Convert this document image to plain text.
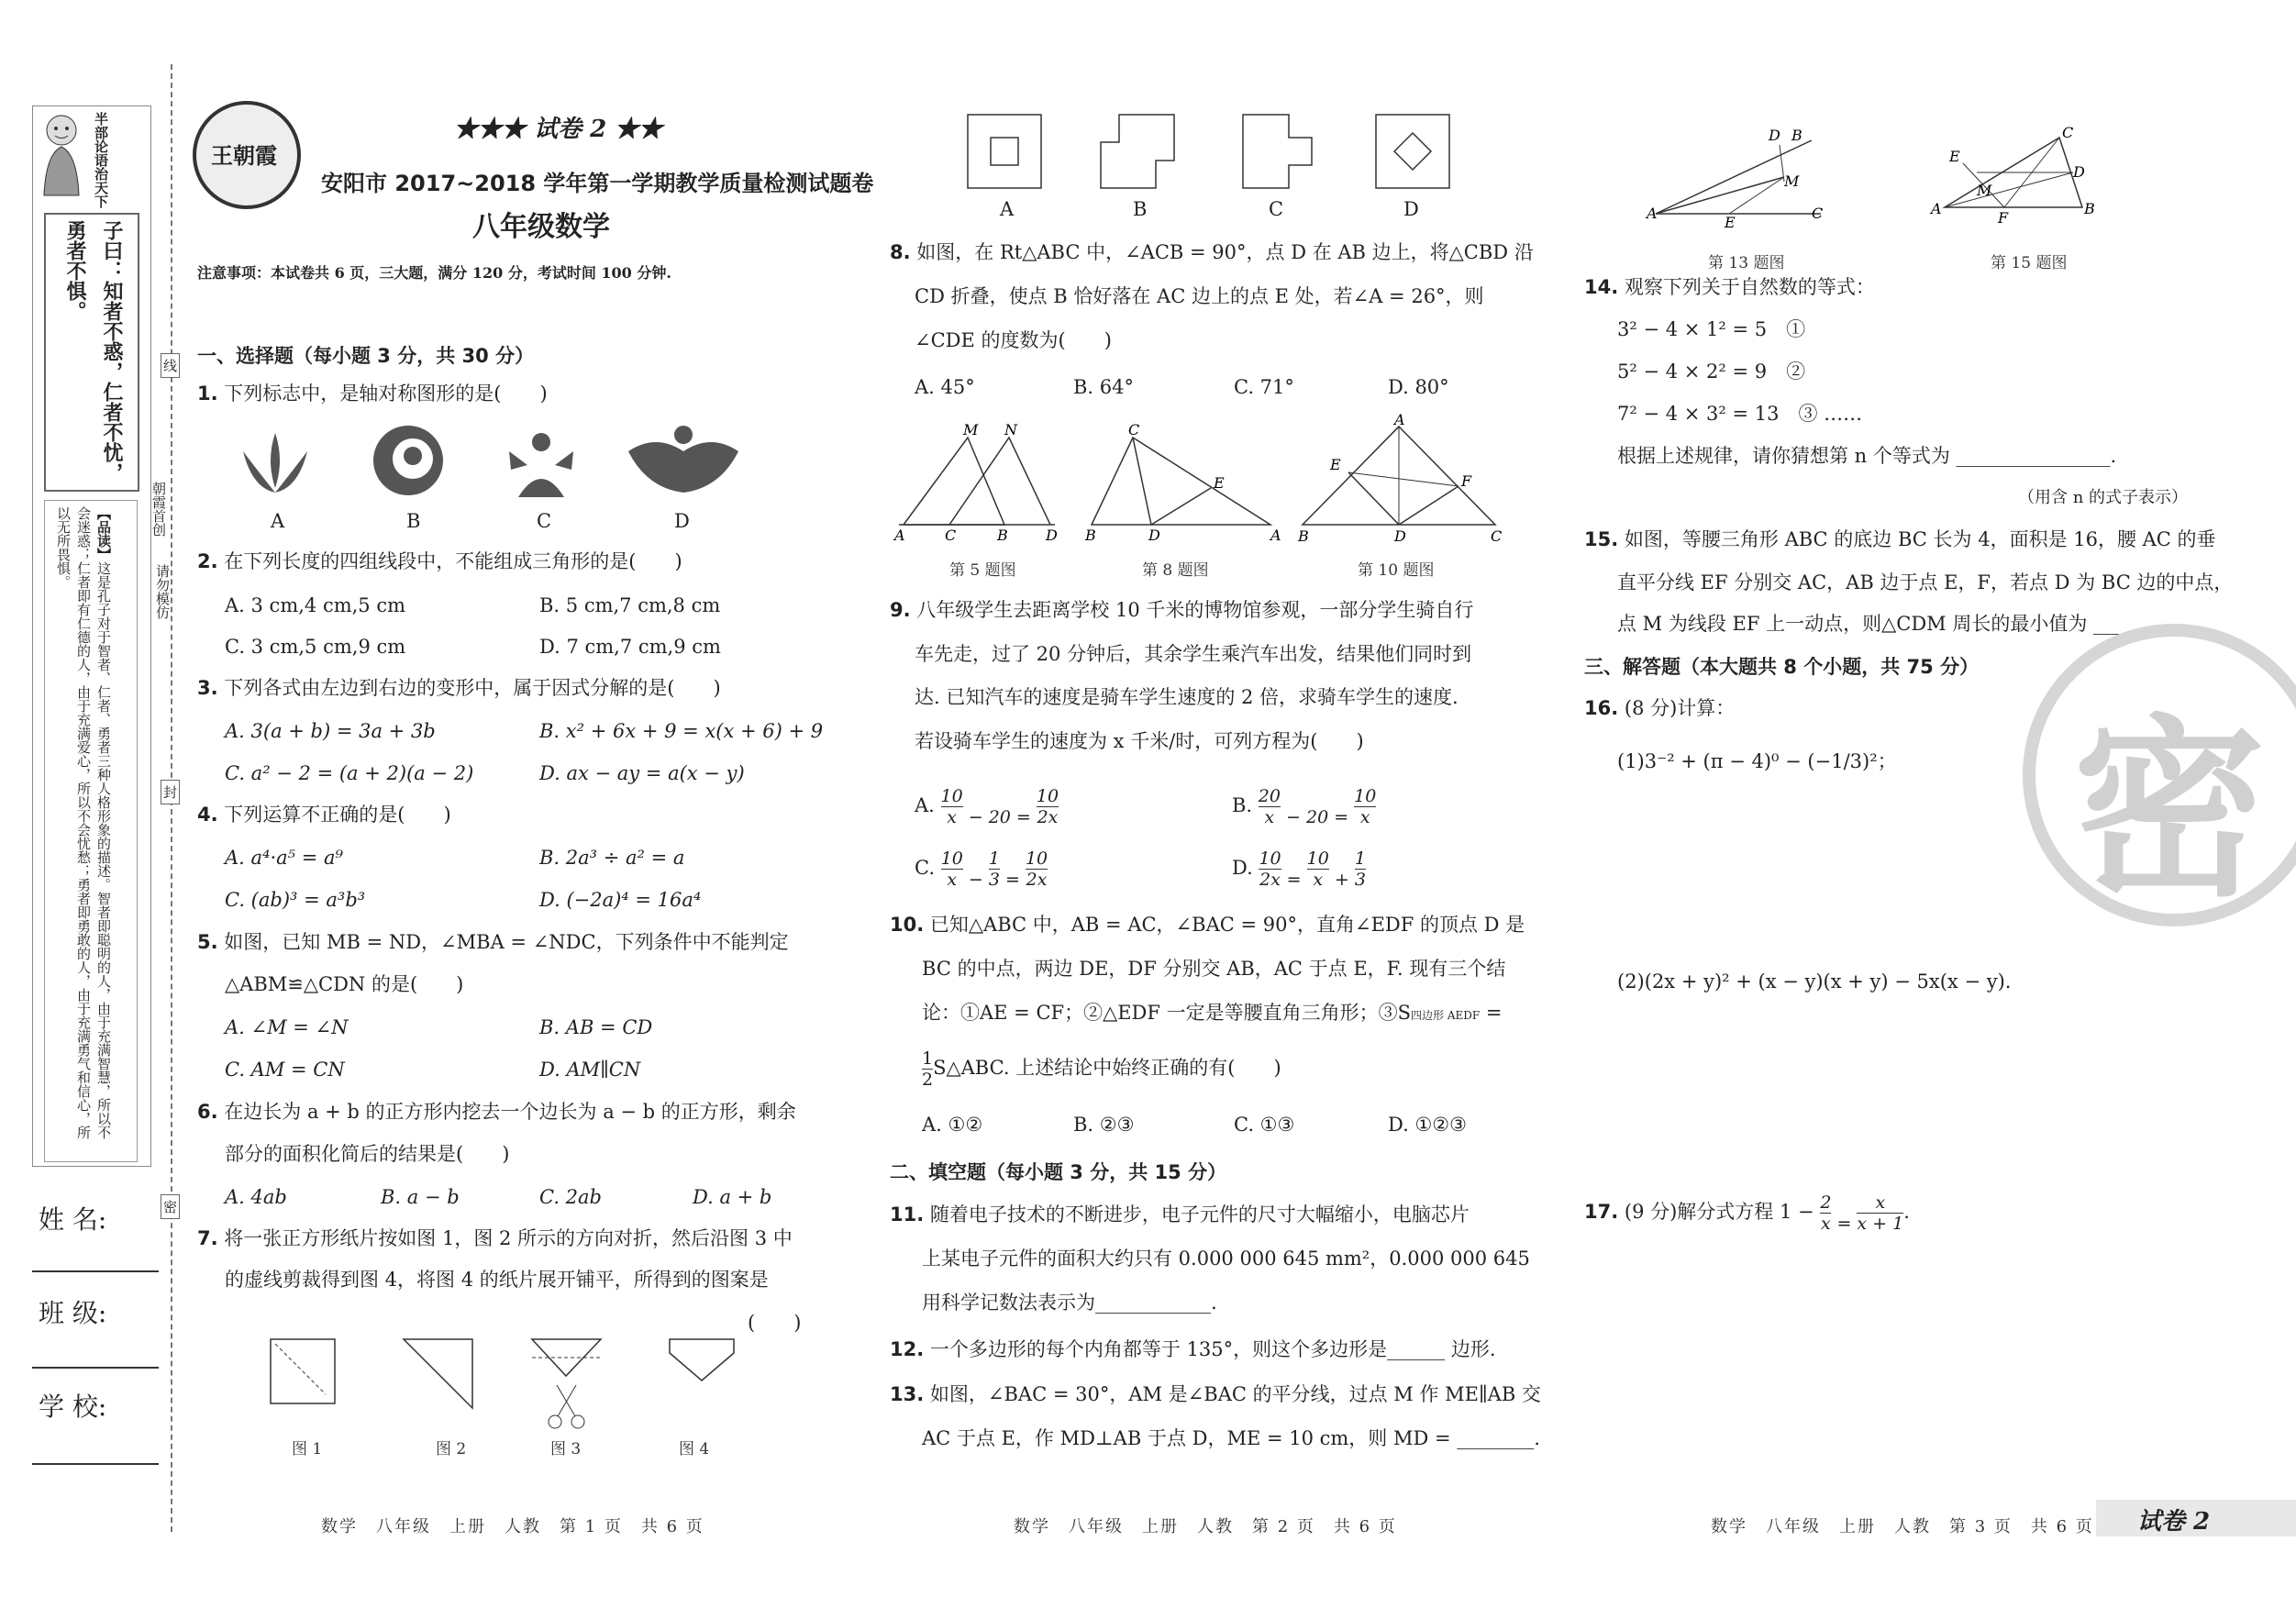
半部论语治天下
子曰：知者不惑，仁者不忧，勇者不惧。
【品读】这是孔子对于智者、仁者、勇者三种人格形象的描述。智者即聪明的人，由于充满智慧，所以不会迷惑；仁者即有仁德的人，由于充满爱心，所以不会忧愁；勇者即勇敢的人，由于充满勇气和信心，所以无所畏惧。
姓 名:
班 级:
学 校:
线
封
密
朝霞首创
请勿模仿
王朝霞
★★★ 试卷 2 ★★
安阳市 2017~2018 学年第一学期教学质量检测试题卷
八年级数学
注意事项：本试卷共 6 页，三大题，满分 120 分，考试时间 100 分钟.
一、选择题（每小题 3 分，共 30 分）
1. 下列标志中，是轴对称图形的是(　　)
A	B	C	D
2. 在下列长度的四组线段中，不能组成三角形的是(　　)
A. 3 cm,4 cm,5 cm	B. 5 cm,7 cm,8 cm
C. 3 cm,5 cm,9 cm	D. 7 cm,7 cm,9 cm
3. 下列各式由左边到右边的变形中，属于因式分解的是(　　)
A. 3(a + b) = 3a + 3b	B. x² + 6x + 9 = x(x + 6) + 9
C. a² − 2 = (a + 2)(a − 2)	D. ax − ay = a(x − y)
4. 下列运算不正确的是(　　)
A. a⁴·a⁵ = a⁹	B. 2a³ ÷ a² = a
C. (ab)³ = a³b³	D. (−2a)⁴ = 16a⁴
5. 如图，已知 MB = ND，∠MBA = ∠NDC，下列条件中不能判定
△ABM≌△CDN 的是(　　)
A. ∠M = ∠N	B. AB = CD
C. AM = CN	D. AM∥CN
6. 在边长为 a + b 的正方形内挖去一个边长为 a − b 的正方形，剩余
部分的面积化简后的结果是(　　)
A. 4ab	B. a − b	C. 2ab	D. a + b
7. 将一张正方形纸片按如图 1，图 2 所示的方向对折，然后沿图 3 中
的虚线剪裁得到图 4，将图 4 的纸片展开铺平，所得到的图案是
(　　)
图 1	图 2	图 3	图 4
数学　八年级　上册　人教　第 1 页　共 6 页
A	B	C	D
8. 如图，在 Rt△ABC 中，∠ACB = 90°，点 D 在 AB 边上，将△CBD 沿
CD 折叠，使点 B 恰好落在 AC 边上的点 E 处，若∠A = 26°，则
∠CDE 的度数为(　　)
A. 45°	B. 64°	C. 71°	D. 80°
M N
A	C	B	D
C
E
B	D	A
A
E
F
B	D	C
第 5 题图	第 8 题图	第 10 题图
9. 八年级学生去距离学校 10 千米的博物馆参观，一部分学生骑自行
车先走，过了 20 分钟后，其余学生乘汽车出发，结果他们同时到
达. 已知汽车的速度是骑车学生速度的 2 倍，求骑车学生的速度.
若设骑车学生的速度为 x 千米/时，可列方程为(　　)
A. 10
x − 20 =
10
2x
B. 20
x − 20 =
10
x
C. 10
x −
1
3 =
10
2x
D. 10
2x =
10
x +
1
3
10. 已知△ABC 中，AB = AC，∠BAC = 90°，直角∠EDF 的顶点 D 是
BC 的中点，两边 DE，DF 分别交 AB，AC 于点 E，F. 现有三个结
论：①AE = CF；②△EDF 一定是等腰直角三角形；③S四边形 AEDF =
1
2S△ABC. 上述结论中始终正确的有(　　)
A. ①②	B. ②③	C. ①③	D. ①②③
二、填空题（每小题 3 分，共 15 分）
11. 随着电子技术的不断进步，电子元件的尺寸大幅缩小，电脑芯片
上某电子元件的面积大约只有 0.000 000 645 mm²，0.000 000 645
用科学记数法表示为____________.
12. 一个多边形的每个内角都等于 135°，则这个多边形是______ 边形.
13. 如图，∠BAC = 30°，AM 是∠BAC 的平分线，过点 M 作 ME∥AB 交
AC 于点 E，作 MD⊥AB 于点 D，ME = 10 cm，则 MD = ________.
数学　八年级　上册　人教　第 2 页　共 6 页
A
E
C
D B
M
A	B
C
E
F
M
D
第 13 题图	第 15 题图
14. 观察下列关于自然数的等式：
3² − 4 × 1² = 5　①
5² − 4 × 2² = 9　②
7² − 4 × 3² = 13　③ ……
根据上述规律，请你猜想第 n 个等式为 ________________.
（用含 n 的式子表示）
15. 如图，等腰三角形 ABC 的底边 BC 长为 4，面积是 16，腰 AC 的垂
直平分线 EF 分别交 AC，AB 边于点 E，F，若点 D 为 BC 边的中点，
点 M 为线段 EF 上一动点，则△CDM 周长的最小值为 ________.
三、解答题（本大题共 8 个小题，共 75 分）
16. (8 分)计算：
(1)3⁻² + (π − 4)⁰ − (−1/3)²；
(2)(2x + y)² + (x − y)(x + y) − 5x(x − y).
17. (9 分)解分式方程 1 − 2
x =
x
x + 1.
密
数学　八年级　上册　人教　第 3 页　共 6 页 试卷 2
